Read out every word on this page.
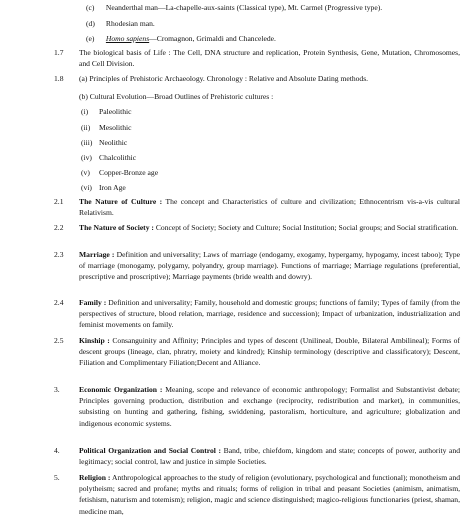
(c) Neanderthal man—La-chapelle-aux-saints (Classical type), Mt. Carmel (Progressive type).
(d) Rhodesian man.
(e) Homo sapiens—Cromagnon, Grimaldi and Chancelede.
1.7 The biological basis of Life : The Cell, DNA structure and replication, Protein Synthesis, Gene, Mutation, Chromosomes, and Cell Division.
1.8 (a) Principles of Prehistoric Archaeology. Chronology : Relative and Absolute Dating methods.
(b) Cultural Evolution—Broad Outlines of Prehistoric cultures :
(i) Paleolithic
(ii) Mesolithic
(iii) Neolithic
(iv) Chalcolithic
(v) Copper-Bronze age
(vi) Iron Age
2.1 The Nature of Culture : The concept and Characteristics of culture and civilization; Ethnocentrism vis-a-vis cultural Relativism.
2.2 The Nature of Society : Concept of Society; Society and Culture; Social Institution; Social groups; and Social stratification.
2.3 Marriage : Definition and universality; Laws of marriage (endogamy, exogamy, hypergamy, hypogamy, incest taboo); Type of marriage (monogamy, polygamy, polyandry, group marriage). Functions of marriage; Marriage regulations (preferential, prescriptive and proscriptive); Marriage payments (bride wealth and dowry).
2.4 Family : Definition and universality; Family, household and domestic groups; functions of family; Types of family (from the perspectives of structure, blood relation, marriage, residence and succession); Impact of urbanization, industrialization and feminist movements on family.
2.5 Kinship : Consanguinity and Affinity; Principles and types of descent (Unilineal, Double, Bilateral Ambilineal); Forms of descent groups (lineage, clan, phratry, moiety and kindred); Kinship terminology (descriptive and classificatory); Descent, Filiation and Complimentary Filiation;Decent and Alliance.
3.	Economic Organization : Meaning, scope and relevance of economic anthropology; Formalist and Substantivist debate; Principles governing production, distribution and exchange (reciprocity, redistribution and market), in communities, subsisting on hunting and gathering, fishing, swiddening, pastoralism, horticulture, and agriculture; globalization and indigenous economic systems.
4.	Political Organization and Social Control : Band, tribe, chiefdom, kingdom and state; concepts of power, authority and legitimacy; social control, law and justice in simple Societies.
5.	Religion : Anthropological approaches to the study of religion (evolutionary, psychological and functional); monotheism and polytheism; sacred and profane; myths and rituals; forms of religion in tribal and peasant Societies (animism, animatism, fetishism, naturism and totemism); religion, magic and science distinguished; magico-religious functionaries (priest, shaman, medicine man,
